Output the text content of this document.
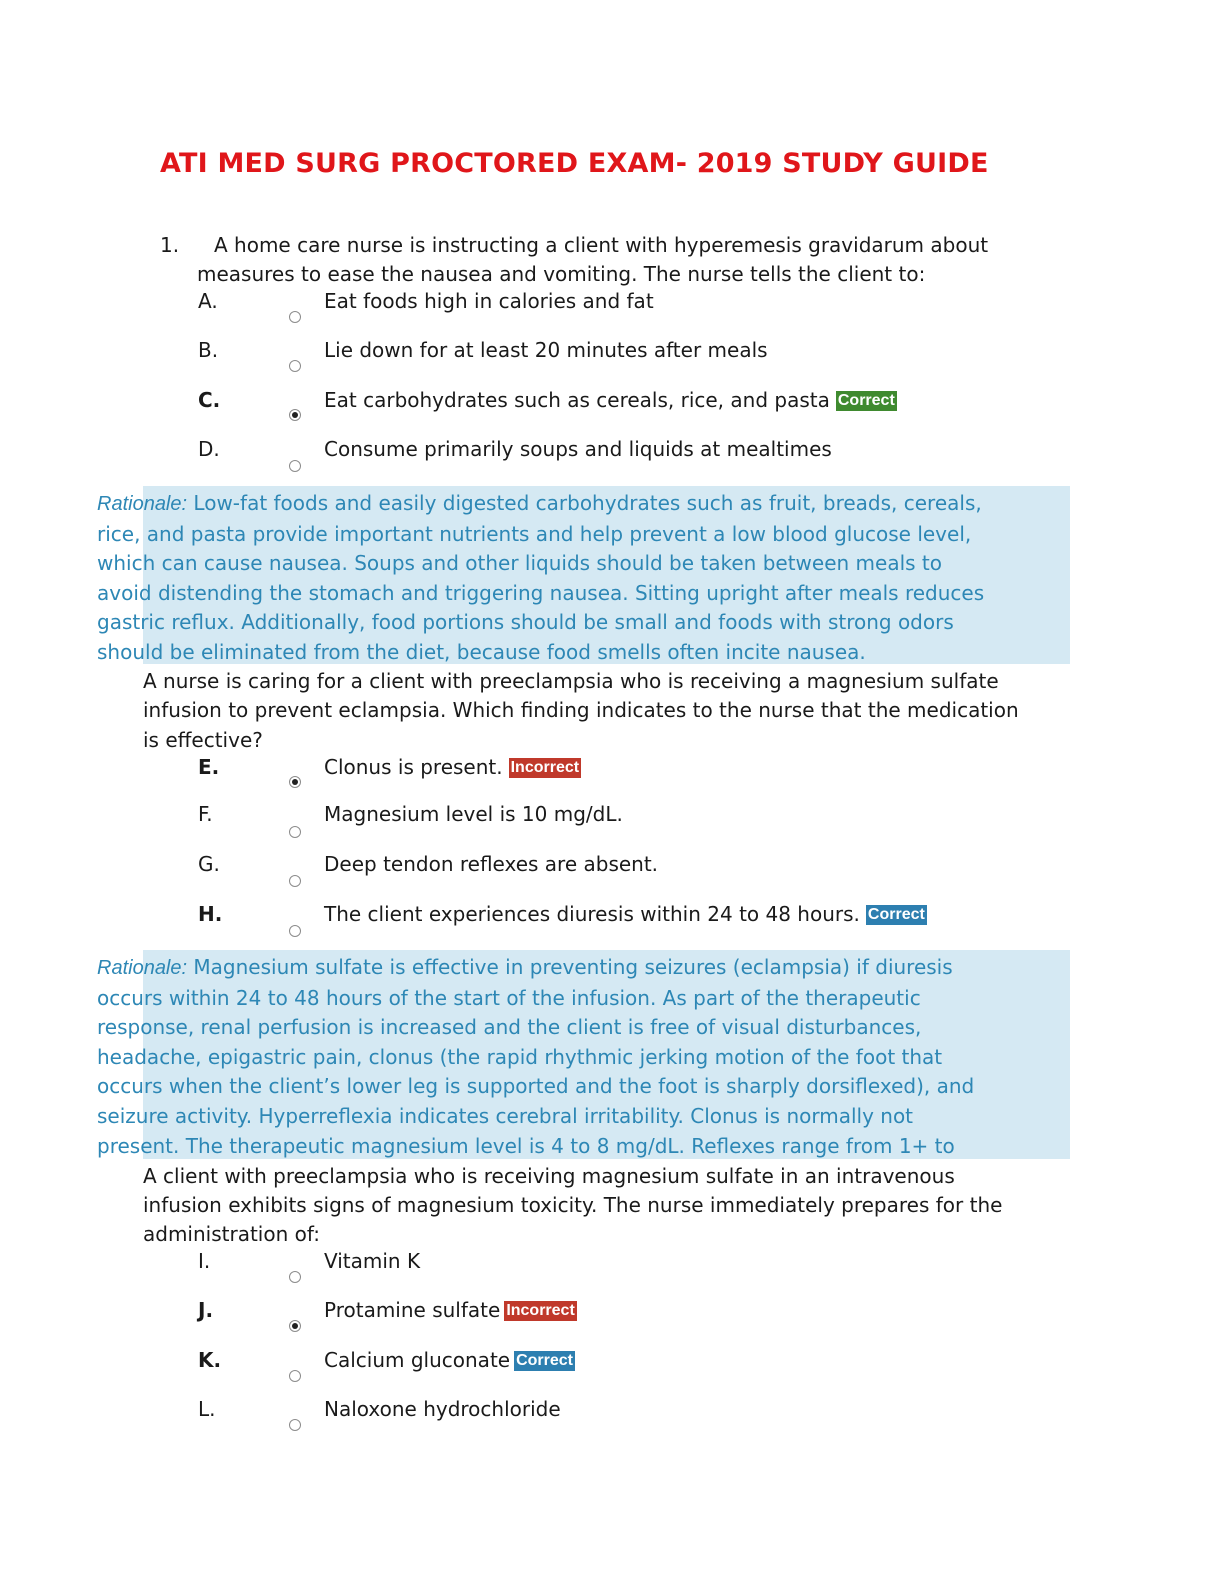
ATI MED SURG PROCTORED EXAM- 2019 STUDY GUIDE
1. A home care nurse is instructing a client with hyperemesis gravidarum about
measures to ease the nausea and vomiting. The nurse tells the client to:
A.	Eat foods high in calories and fat
B.	Lie down for at least 20 minutes after meals
C.	Eat carbohydrates such as cereals, rice, and pasta Correct
D.	Consume primarily soups and liquids at mealtimes
Rationale: Low-fat foods and easily digested carbohydrates such as fruit, breads, cereals,
rice, and pasta provide important nutrients and help prevent a low blood glucose level,
which can cause nausea. Soups and other liquids should be taken between meals to
avoid distending the stomach and triggering nausea. Sitting upright after meals reduces
gastric reflux. Additionally, food portions should be small and foods with strong odors
should be eliminated from the diet, because food smells often incite nausea.
A nurse is caring for a client with preeclampsia who is receiving a magnesium sulfate
infusion to prevent eclampsia. Which finding indicates to the nurse that the medication
is effective?
E.	Clonus is present. Incorrect
F.	Magnesium level is 10 mg/dL.
G.	Deep tendon reflexes are absent.
H.	The client experiences diuresis within 24 to 48 hours. Correct
Rationale: Magnesium sulfate is effective in preventing seizures (eclampsia) if diuresis
occurs within 24 to 48 hours of the start of the infusion. As part of the therapeutic
response, renal perfusion is increased and the client is free of visual disturbances,
headache, epigastric pain, clonus (the rapid rhythmic jerking motion of the foot that
occurs when the client’s lower leg is supported and the foot is sharply dorsiflexed), and
seizure activity. Hyperreflexia indicates cerebral irritability. Clonus is normally not
present. The therapeutic magnesium level is 4 to 8 mg/dL. Reflexes range from 1+ to
A client with preeclampsia who is receiving magnesium sulfate in an intravenous
infusion exhibits signs of magnesium toxicity. The nurse immediately prepares for the
administration of:
I.	Vitamin K
J.	Protamine sulfate Incorrect
K.	Calcium gluconate Correct
L.	Naloxone hydrochloride
